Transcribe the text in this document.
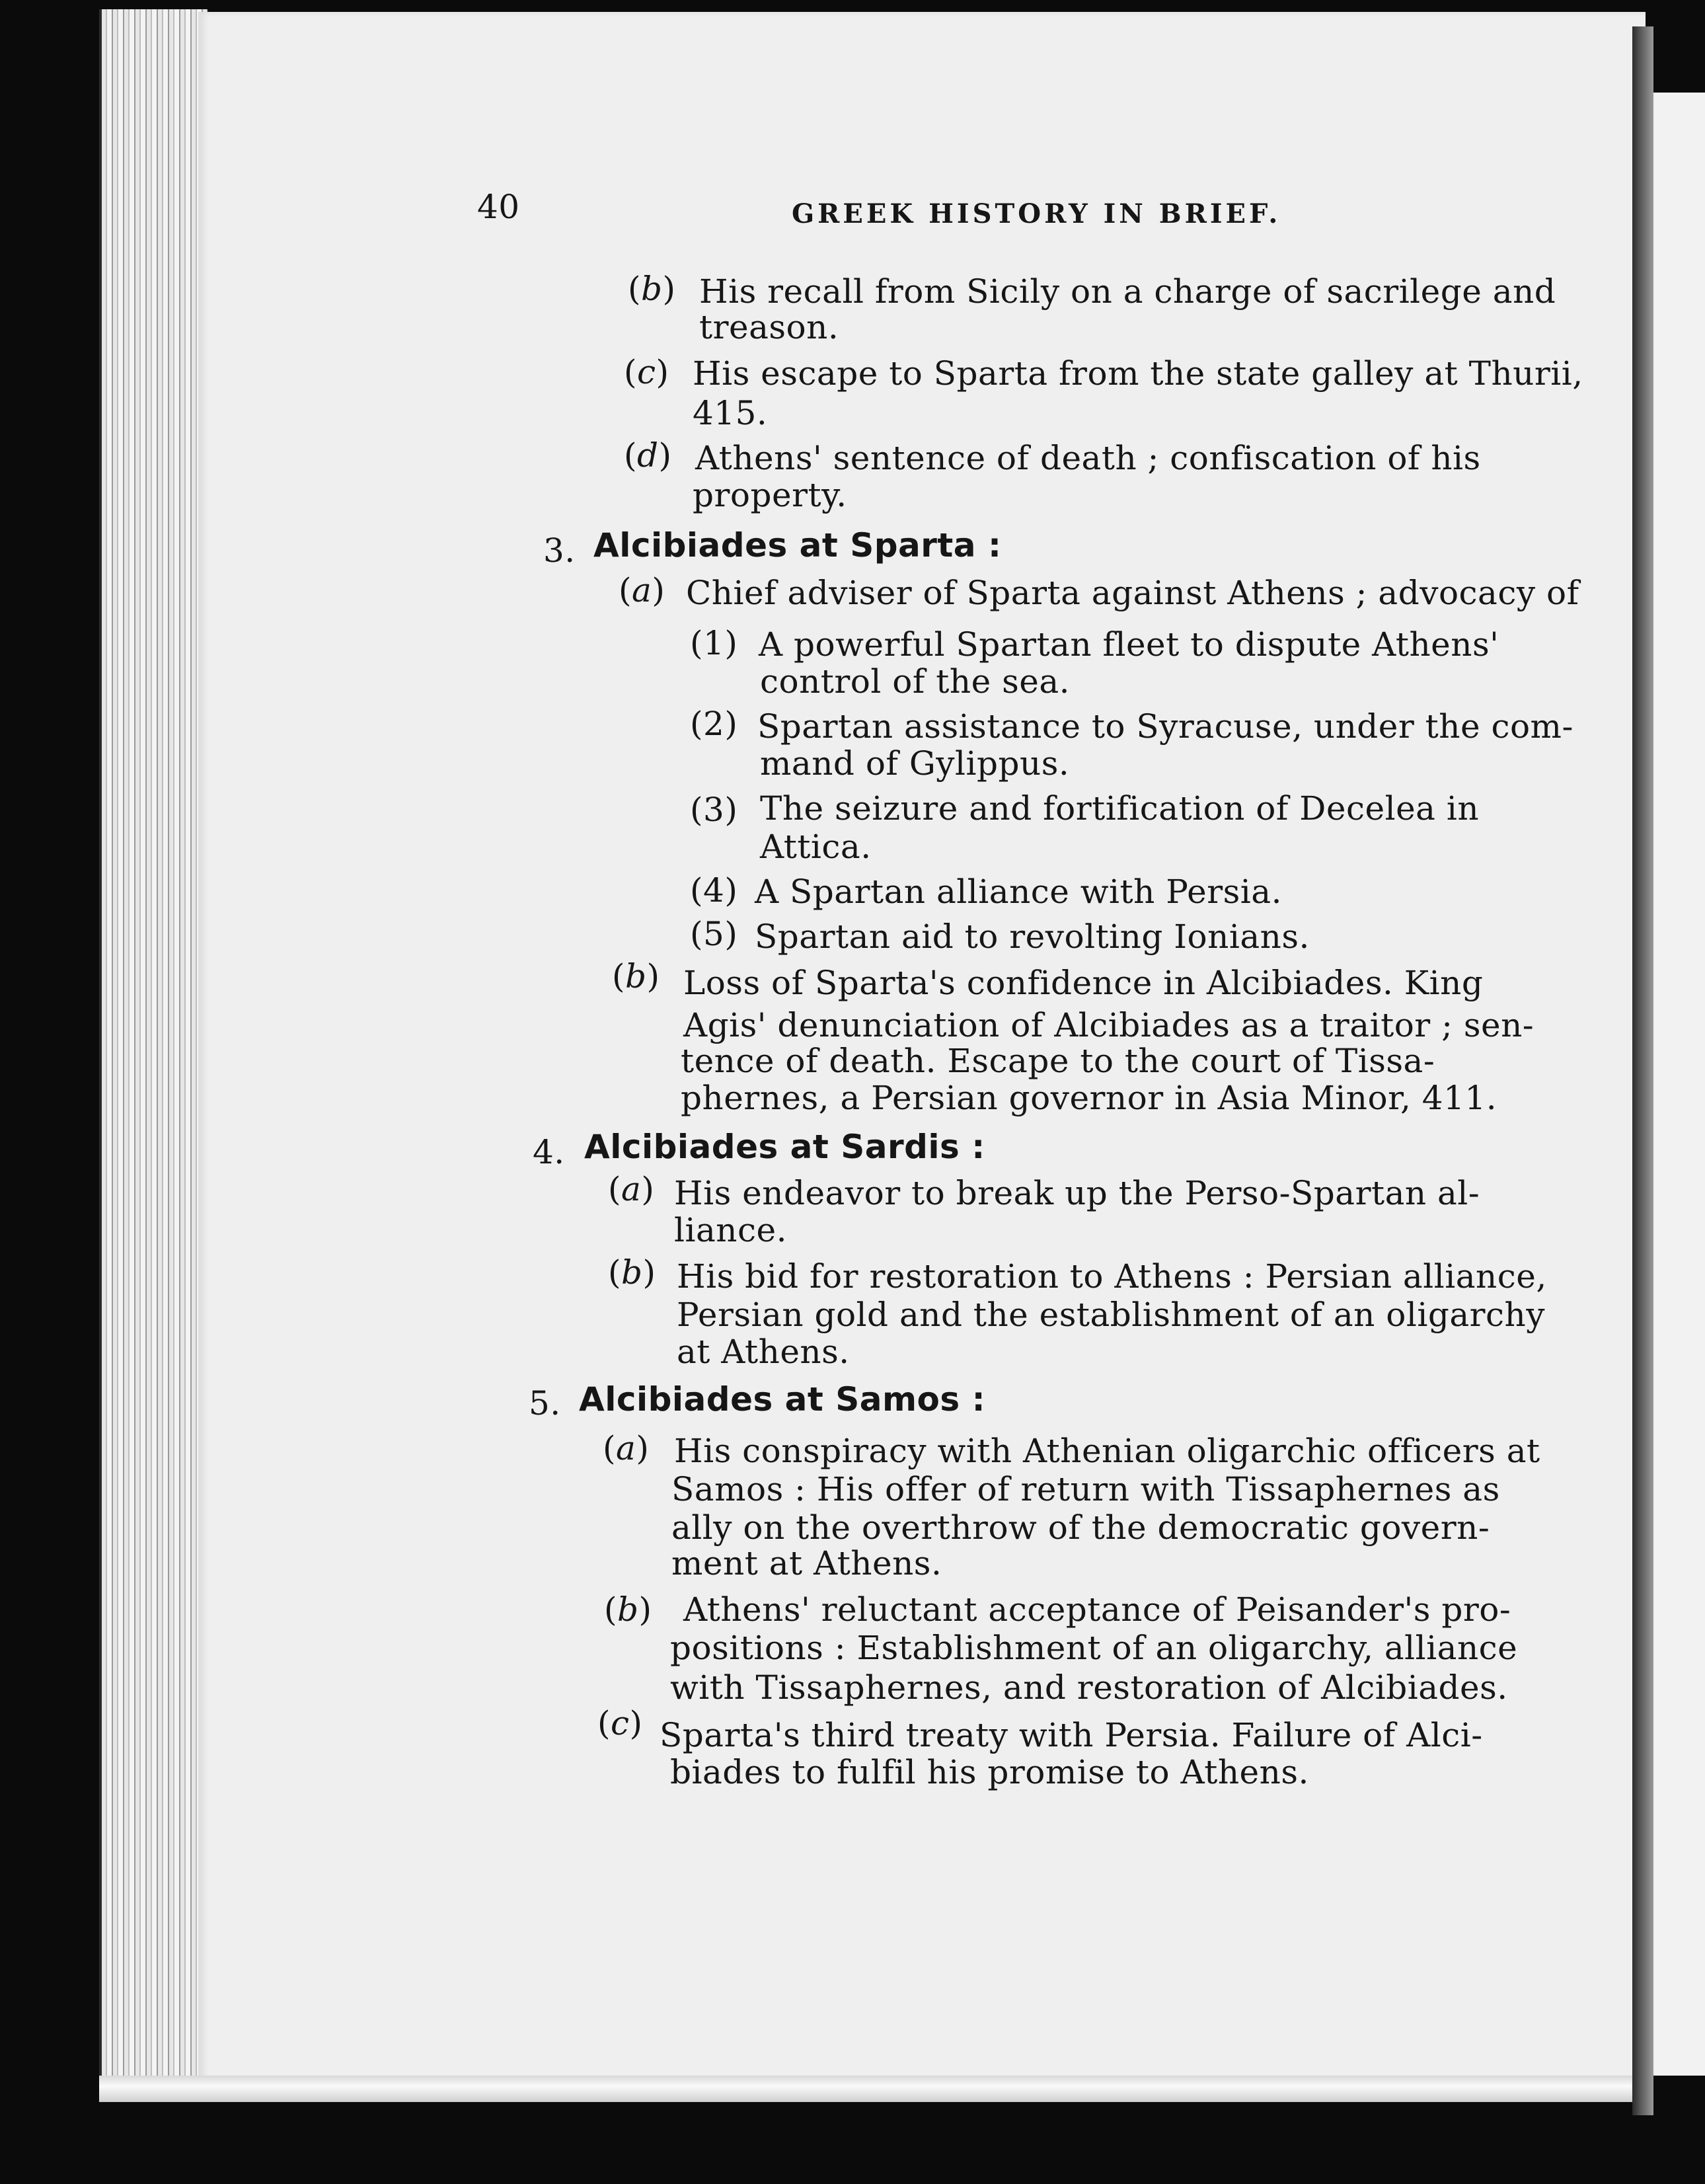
40	GREEK HISTORY IN BRIEF.
(b) His recall from Sicily on a charge of sacrilege and
treason.
(c) His escape to Sparta from the state galley at Thurii,
415.
(d) Athens' sentence of death ; confiscation of his
property.
3. Alcibiades at Sparta :
(a) Chief adviser of Sparta against Athens ; advocacy of
(1) A powerful Spartan fleet to dispute Athens'
control of the sea.
(2) Spartan assistance to Syracuse, under the com-
mand of Gylippus.
(3) The seizure and fortification of Decelea in
Attica.
(4) A Spartan alliance with Persia.
(5) Spartan aid to revolting Ionians.
(b) Loss of Sparta's confidence in Alcibiades. King
Agis' denunciation of Alcibiades as a traitor ; sen-
tence of death. Escape to the court of Tissa-
phernes, a Persian governor in Asia Minor, 411.
4. Alcibiades at Sardis :
(a) His endeavor to break up the Perso-Spartan al-
liance.
(b) His bid for restoration to Athens : Persian alliance,
Persian gold and the establishment of an oligarchy
at Athens.
5. Alcibiades at Samos :
(a) His conspiracy with Athenian oligarchic officers at
Samos : His offer of return with Tissaphernes as
ally on the overthrow of the democratic govern-
ment at Athens.
(b) Athens' reluctant acceptance of Peisander's pro-
positions : Establishment of an oligarchy, alliance
with Tissaphernes, and restoration of Alcibiades.
(c) Sparta's third treaty with Persia. Failure of Alci-
biades to fulfil his promise to Athens.
